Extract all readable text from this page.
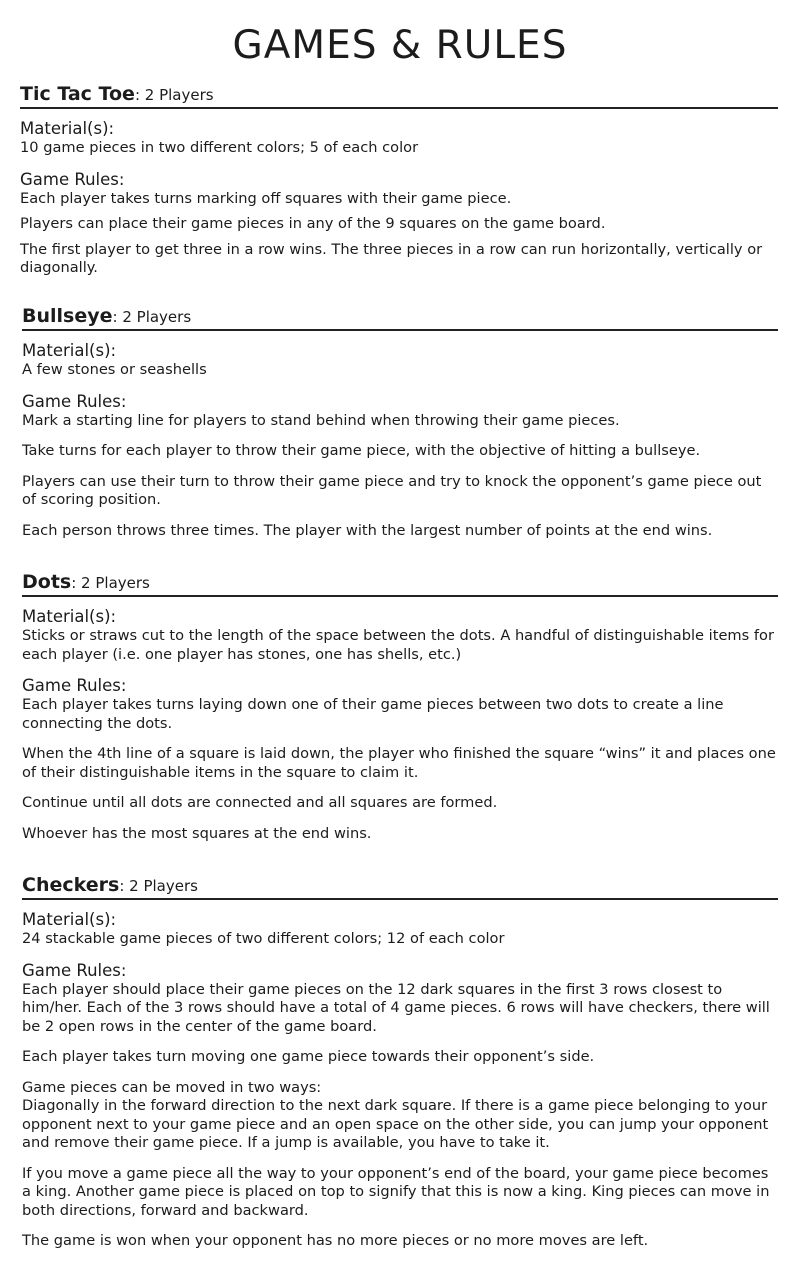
GAMES & RULES
Tic Tac Toe: 2 Players
Material(s):

10 game pieces in two different colors; 5 of each color

Game Rules:

Each player takes turns marking off squares with their game piece.

Players can place their game pieces in any of the 9 squares on the game board.

The first player to get three in a row wins. The three pieces in a row can run horizontally, vertically or diagonally.

Bullseye: 2 Players
Material(s):

A few stones or seashells

Game Rules:

Mark a starting line for players to stand behind when throwing their game pieces.

Take turns for each player to throw their game piece, with the objective of hitting a bullseye.

Players can use their turn to throw their game piece and try to knock the opponent’s game piece out of scoring position.

Each person throws three times. The player with the largest number of points at the end wins.

Dots: 2 Players
Material(s):

Sticks or straws cut to the length of the space between the dots. A handful of distinguishable items for each player (i.e. one player has stones, one has shells, etc.)

Game Rules:

Each player takes turns laying down one of their game pieces between two dots to create a line connecting the dots.

When the 4th line of a square is laid down, the player who finished the square “wins” it and places one of their distinguishable items in the square to claim it.

Continue until all dots are connected and all squares are formed.

Whoever has the most squares at the end wins.

Checkers: 2 Players
Material(s):

24 stackable game pieces of two different colors; 12 of each color

Game Rules:

Each player should place their game pieces on the 12 dark squares in the first 3 rows closest to him/her. Each of the 3 rows should have a total of 4 game pieces. 6 rows will have checkers, there will be 2 open rows in the center of the game board.

Each player takes turn moving one game piece towards their opponent’s side.

Game pieces can be moved in two ways:

Diagonally in the forward direction to the next dark square. If there is a game piece belonging to your opponent next to your game piece and an open space on the other side, you can jump your opponent and remove their game piece. If a jump is available, you have to take it.

If you move a game piece all the way to your opponent’s end of the board, your game piece becomes a king. Another game piece is placed on top to signify that this is now a king. King pieces can move in both directions, forward and backward.

The game is won when your opponent has no more pieces or no more moves are left.
